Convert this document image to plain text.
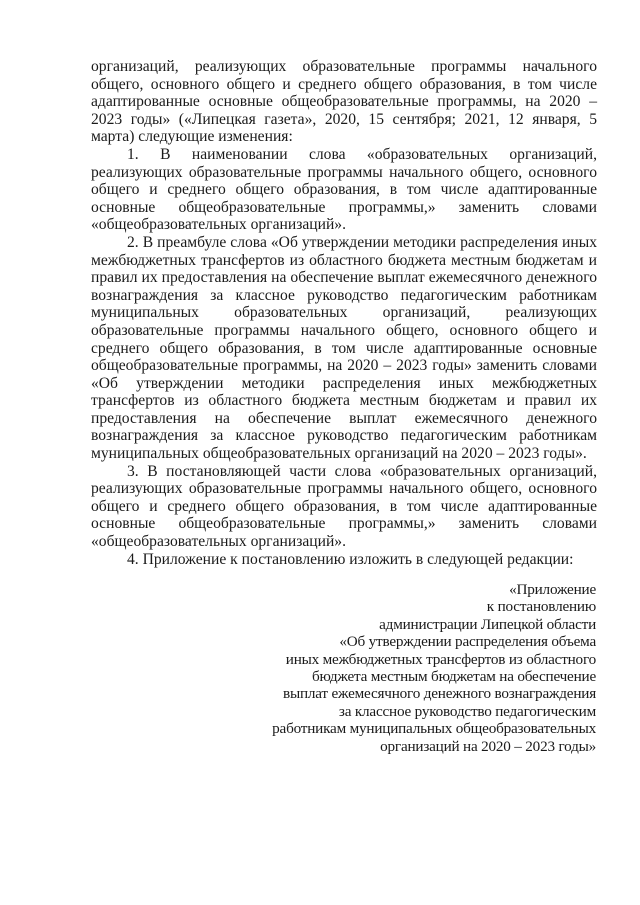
организаций, реализующих образовательные программы начального общего, основного общего и среднего общего образования, в том числе адаптированные основные общеобразовательные программы, на 2020 – 2023 годы» («Липецкая газета», 2020, 15 сентября; 2021, 12 января, 5 марта) следующие изменения:

1. В наименовании слова «образовательных организаций, реализующих образовательные программы начального общего, основного общего и среднего общего образования, в том числе адаптированные основные общеобразовательные программы,» заменить словами «общеобразовательных организаций».

2. В преамбуле слова «Об утверждении методики распределения иных межбюджетных трансфертов из областного бюджета местным бюджетам и правил их предоставления на обеспечение выплат ежемесячного денежного вознаграждения за классное руководство педагогическим работникам муниципальных образовательных организаций, реализующих образовательные программы начального общего, основного общего и среднего общего образования, в том числе адаптированные основные общеобразовательные программы, на 2020 – 2023 годы» заменить словами «Об утверждении методики распределения иных межбюджетных трансфертов из областного бюджета местным бюджетам и правил их предоставления на обеспечение выплат ежемесячного денежного вознаграждения за классное руководство педагогическим работникам муниципальных общеобразовательных организаций на 2020 – 2023 годы».

3. В постановляющей части слова «образовательных организаций, реализующих образовательные программы начального общего, основного общего и среднего общего образования, в том числе адаптированные основные общеобразовательные программы,» заменить словами «общеобразовательных организаций».

4. Приложение к постановлению изложить в следующей редакции:

«Приложение
к постановлению
администрации Липецкой области
«Об утверждении распределения объема
иных межбюджетных трансфертов из областного
бюджета местным бюджетам на обеспечение
выплат ежемесячного денежного вознаграждения
за классное руководство педагогическим
работникам муниципальных общеобразовательных
организаций на 2020 – 2023 годы»
